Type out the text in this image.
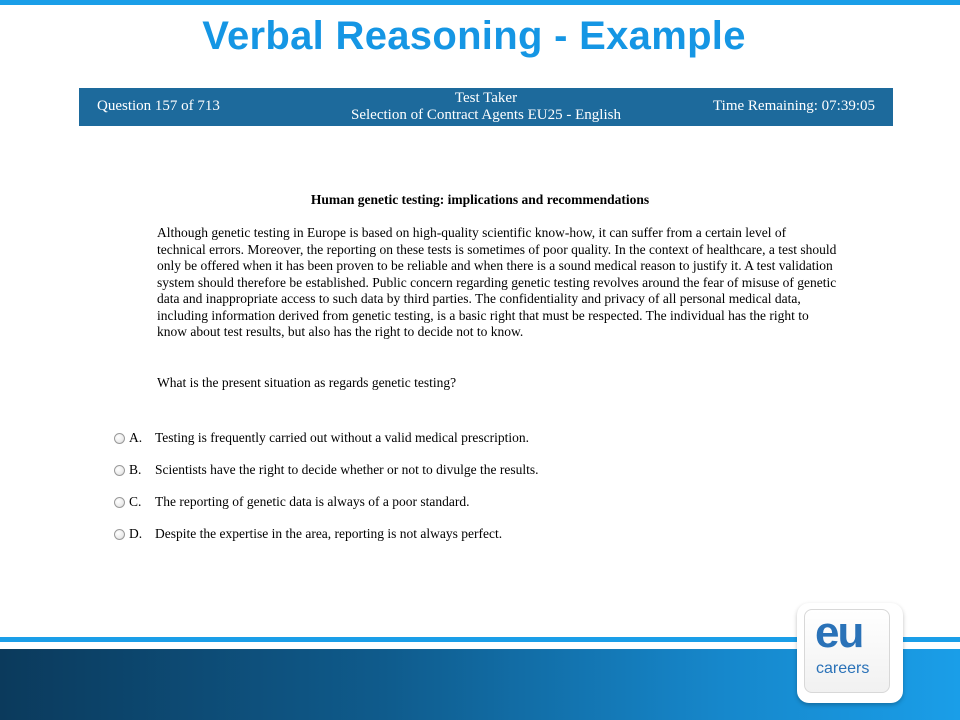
Verbal Reasoning - Example
Question 157 of 713	Test Taker
Selection of Contract Agents EU25 - English
Time Remaining: 07:39:05
Human genetic testing: implications and recommendations
Although genetic testing in Europe is based on high-quality scientific know-how, it can suffer from a certain level of technical errors. Moreover, the reporting on these tests is sometimes of poor quality. In the context of healthcare, a test should only be offered when it has been proven to be reliable and when there is a sound medical reason to justify it. A test validation system should therefore be established. Public concern regarding genetic testing revolves around the fear of misuse of genetic data and inappropriate access to such data by third parties. The confidentiality and privacy of all personal medical data, including information derived from genetic testing, is a basic right that must be respected. The individual has the right to know about test results, but also has the right to decide not to know.
What is the present situation as regards genetic testing?
A. Testing is frequently carried out without a valid medical prescription.
B. Scientists have the right to decide whether or not to divulge the results.
C. The reporting of genetic data is always of a poor standard.
D. Despite the expertise in the area, reporting is not always perfect.
eu
careers
